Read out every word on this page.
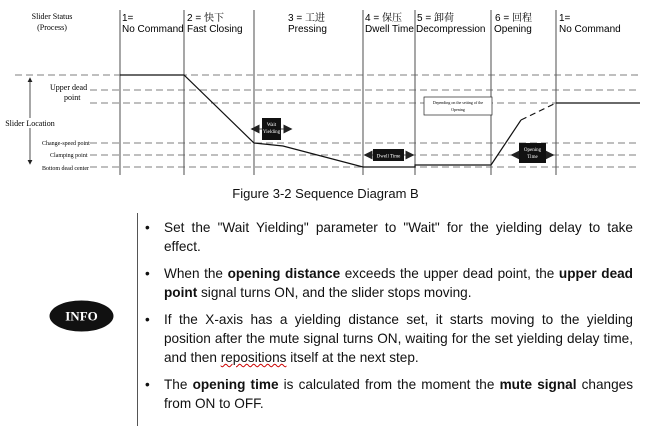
Slider Status
(Process)
1=
No Command
2 = 快下
Fast Closing
3 = 工进
Pressing
4 = 保压
Dwell Time
5 = 卸荷
Decompression
6 = 回程
Opening
1=
No Command
Slider Location
Upper dead
point
Change-speed point
Clamping point
Bottom dead center
Wait
Yielding
Dwell Time
Opening
Time
Depending on the setting of the
Opening
Figure 3-2 Sequence Diagram B
INFO
• Set the "Wait Yielding" parameter to "Wait" for the yielding delay to take effect.
• When the opening distance exceeds the upper dead point, the upper dead point signal turns ON, and the slider stops moving.
• If the X-axis has a yielding distance set, it starts moving to the yielding position after the mute signal turns ON, waiting for the set yielding delay time, and then repositions itself at the next step.
• The opening time is calculated from the moment the mute signal changes from ON to OFF.
